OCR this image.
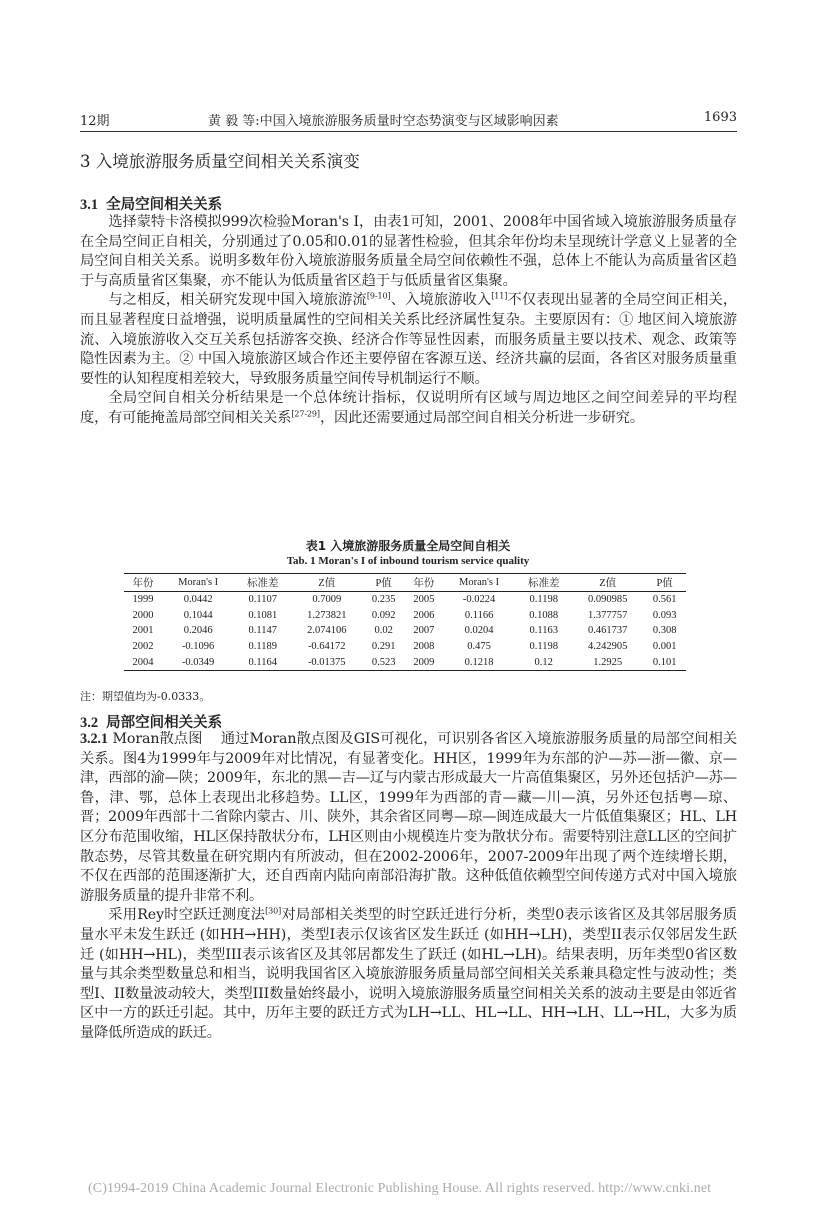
12期	黄 毅 等:中国入境旅游服务质量时空态势演变与区域影响因素	1693
3 入境旅游服务质量空间相关关系演变
3.1 全局空间相关关系

选择蒙特卡洛模拟999次检验Moran's I，由表1可知，2001、2008年中国省域入境旅游服务质量存在全局空间正自相关，分别通过了0.05和0.01的显著性检验，但其余年份均未呈现统计学意义上显著的全局空间自相关关系。说明多数年份入境旅游服务质量全局空间依赖性不强，总体上不能认为高质量省区趋于与高质量省区集聚，亦不能认为低质量省区趋于与低质量省区集聚。

与之相反，相关研究发现中国入境旅游流[9-10]、入境旅游收入[11]不仅表现出显著的全局空间正相关，而且显著程度日益增强，说明质量属性的空间相关关系比经济属性复杂。主要原因有：① 地区间入境旅游流、入境旅游收入交互关系包括游客交换、经济合作等显性因素，而服务质量主要以技术、观念、政策等隐性因素为主。② 中国入境旅游区域合作还主要停留在客源互送、经济共赢的层面，各省区对服务质量重要性的认知程度相差较大，导致服务质量空间传导机制运行不顺。

全局空间自相关分析结果是一个总体统计指标，仅说明所有区域与周边地区之间空间差异的平均程度，有可能掩盖局部空间相关关系[27-29]，因此还需要通过局部空间自相关分析进一步研究。

表1 入境旅游服务质量全局空间自相关
Tab. 1 Moran's I of inbound tourism service quality
年份	Moran's I	标准差	Z值	P值	年份	Moran's I	标准差	Z值	P值
1999	0.0442	0.1107	0.7009	0.235	2005	-0.0224	0.1198	0.090985	0.561
2000	0.1044	0.1081	1.273821	0.092	2006	0.1166	0.1088	1.377757	0.093
2001	0.2046	0.1147	2.074106	0.02	2007	0.0204	0.1163	0.461737	0.308
2002	-0.1096	0.1189	-0.64172	0.291	2008	0.475	0.1198	4.242905	0.001
2004	-0.0349	0.1164	-0.01375	0.523	2009	0.1218	0.12	1.2925	0.101
注：期望值均为-0.0333。
3.2 局部空间相关关系

3.2.1 Moran散点图 通过Moran散点图及GIS可视化，可识别各省区入境旅游服务质量的局部空间相关关系。图4为1999年与2009年对比情况，有显著变化。HH区，1999年为东部的沪—苏—浙—徽、京—津，西部的渝—陕；2009年，东北的黑—吉—辽与内蒙古形成最大一片高值集聚区，另外还包括沪—苏—鲁，津、鄂，总体上表现出北移趋势。LL区，1999年为西部的青—藏—川—滇，另外还包括粤—琼、晋；2009年西部十二省除内蒙古、川、陕外，其余省区同粤—琼—闽连成最大一片低值集聚区；HL、LH区分布范围收缩，HL区保持散状分布，LH区则由小规模连片变为散状分布。需要特别注意LL区的空间扩散态势，尽管其数量在研究期内有所波动，但在2002-2006年，2007-2009年出现了两个连续增长期，不仅在西部的范围逐渐扩大，还自西南内陆向南部沿海扩散。这种低值依赖型空间传递方式对中国入境旅游服务质量的提升非常不利。

采用Rey时空跃迁测度法[30]对局部相关类型的时空跃迁进行分析，类型0表示该省区及其邻居服务质量水平未发生跃迁 (如HH→HH)，类型I表示仅该省区发生跃迁 (如HH→LH)，类型II表示仅邻居发生跃迁 (如HH→HL)，类型III表示该省区及其邻居都发生了跃迁 (如HL→LH)。结果表明，历年类型0省区数量与其余类型数量总和相当，说明我国省区入境旅游服务质量局部空间相关关系兼具稳定性与波动性；类型I、II数量波动较大，类型III数量始终最小，说明入境旅游服务质量空间相关关系的波动主要是由邻近省区中一方的跃迁引起。其中，历年主要的跃迁方式为LH→LL、HL→LL、HH→LH、LL→HL，大多为质量降低所造成的跃迁。

(C)1994-2019 China Academic Journal Electronic Publishing House. All rights reserved. http://www.cnki.net
